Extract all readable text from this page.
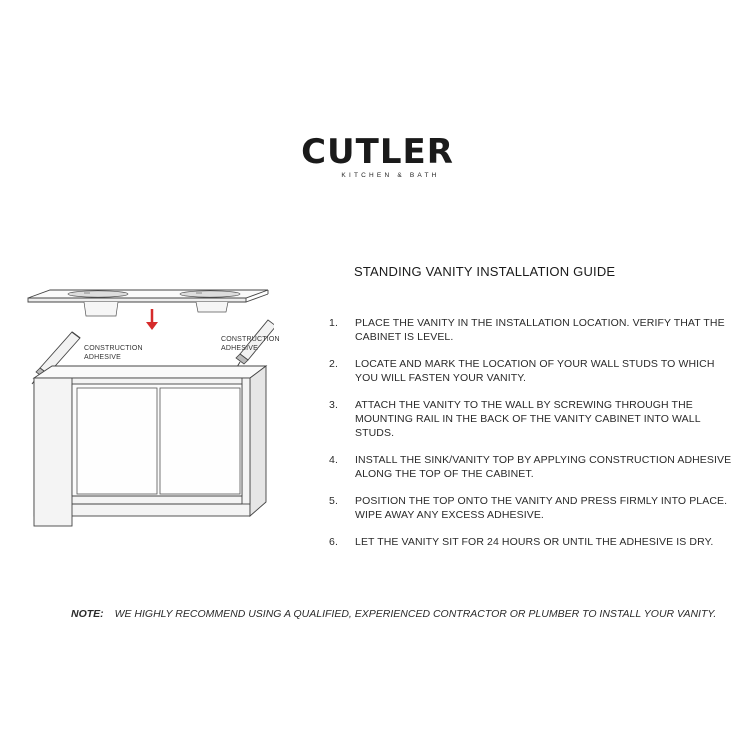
CUTLER
KITCHEN & BATH
CONSTRUCTION
ADHESIVE
CONSTRUCTION
ADHESIVE
STANDING VANITY INSTALLATION GUIDE
1. PLACE THE VANITY IN THE INSTALLATION LOCATION. VERIFY THAT THE CABINET IS LEVEL.
2. LOCATE AND MARK THE LOCATION OF YOUR WALL STUDS TO WHICH YOU WILL FASTEN YOUR VANITY.
3. ATTACH THE VANITY TO THE WALL BY SCREWING THROUGH THE MOUNTING RAIL IN THE BACK OF THE VANITY CABINET INTO WALL STUDS.
4. INSTALL THE SINK/VANITY TOP BY APPLYING CONSTRUCTION ADHESIVE ALONG THE TOP OF THE CABINET.
5. POSITION THE TOP ONTO THE VANITY AND PRESS FIRMLY INTO PLACE. WIPE AWAY ANY EXCESS ADHESIVE.
6. LET THE VANITY SIT FOR 24 HOURS OR UNTIL THE ADHESIVE IS DRY.
NOTE: WE HIGHLY RECOMMEND USING A QUALIFIED, EXPERIENCED CONTRACTOR OR PLUMBER TO INSTALL YOUR VANITY.
